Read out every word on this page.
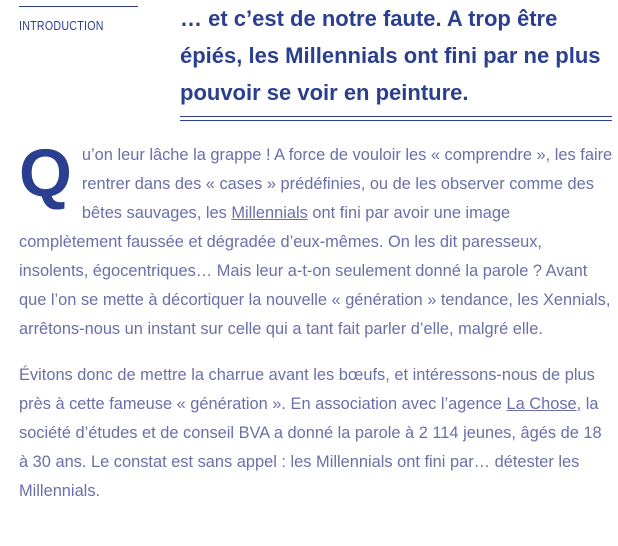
INTRODUCTION	… et c’est de notre faute. A trop être épiés, les Millennials ont fini par ne plus pouvoir se voir en peinture.

Qu’on leur lâche la grappe ! A force de vouloir les « comprendre », les faire rentrer dans des « cases » prédéfinies, ou de les observer comme des bêtes sauvages, les Millennials ont fini par avoir une image complètement faussée et dégradée d’eux-mêmes. On les dit paresseux, insolents, égocentriques… Mais leur a-t-on seulement donné la parole ? Avant que l’on se mette à décortiquer la nouvelle « génération » tendance, les Xennials, arrêtons-nous un instant sur celle qui a tant fait parler d’elle, malgré elle.

Évitons donc de mettre la charrue avant les bœufs, et intéressons-nous de plus près à cette fameuse « génération ». En association avec l’agence La Chose, la société d’études et de conseil BVA a donné la parole à 2 114 jeunes, âgés de 18 à 30 ans. Le constat est sans appel : les Millennials ont fini par… détester les Millennials.
